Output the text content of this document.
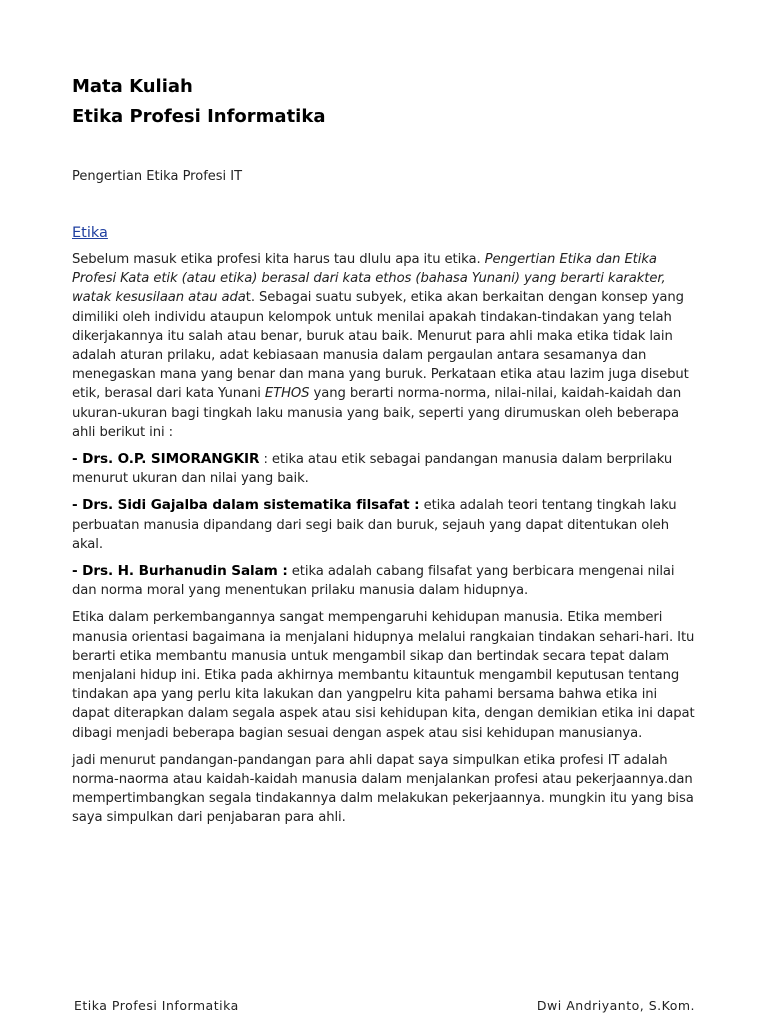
Mata Kuliah
Etika Profesi Informatika

Pengertian Etika Profesi IT

Etika

Sebelum masuk etika profesi kita harus tau dlulu apa itu etika. Pengertian Etika dan Etika Profesi Kata etik (atau etika) berasal dari kata ethos (bahasa Yunani) yang berarti karakter, watak kesusilaan atau adat. Sebagai suatu subyek, etika akan berkaitan dengan konsep yang dimiliki oleh individu ataupun kelompok untuk menilai apakah tindakan-tindakan yang telah dikerjakannya itu salah atau benar, buruk atau baik. Menurut para ahli maka etika tidak lain adalah aturan prilaku, adat kebiasaan manusia dalam pergaulan antara sesamanya dan menegaskan mana yang benar dan mana yang buruk. Perkataan etika atau lazim juga disebut etik, berasal dari kata Yunani ETHOS yang berarti norma-norma, nilai-nilai, kaidah-kaidah dan ukuran-ukuran bagi tingkah laku manusia yang baik, seperti yang dirumuskan oleh beberapa ahli berikut ini :

- Drs. O.P. SIMORANGKIR : etika atau etik sebagai pandangan manusia dalam berprilaku menurut ukuran dan nilai yang baik.

- Drs. Sidi Gajalba dalam sistematika filsafat : etika adalah teori tentang tingkah laku perbuatan manusia dipandang dari segi baik dan buruk, sejauh yang dapat ditentukan oleh akal.

- Drs. H. Burhanudin Salam : etika adalah cabang filsafat yang berbicara mengenai nilai dan norma moral yang menentukan prilaku manusia dalam hidupnya.

Etika dalam perkembangannya sangat mempengaruhi kehidupan manusia. Etika memberi manusia orientasi bagaimana ia menjalani hidupnya melalui rangkaian tindakan sehari-hari. Itu berarti etika membantu manusia untuk mengambil sikap dan bertindak secara tepat dalam menjalani hidup ini. Etika pada akhirnya membantu kitauntuk mengambil keputusan tentang tindakan apa yang perlu kita lakukan dan yangpelru kita pahami bersama bahwa etika ini dapat diterapkan dalam segala aspek atau sisi kehidupan kita, dengan demikian etika ini dapat dibagi menjadi beberapa bagian sesuai dengan aspek atau sisi kehidupan manusianya.

jadi menurut pandangan-pandangan para ahli dapat saya simpulkan etika profesi IT adalah norma-naorma atau kaidah-kaidah manusia dalam menjalankan profesi atau pekerjaannya.dan mempertimbangkan segala tindakannya dalm melakukan pekerjaannya. mungkin itu yang bisa saya simpulkan dari penjabaran para ahli.

Etika Profesi Informatika	Dwi Andriyanto, S.Kom.
